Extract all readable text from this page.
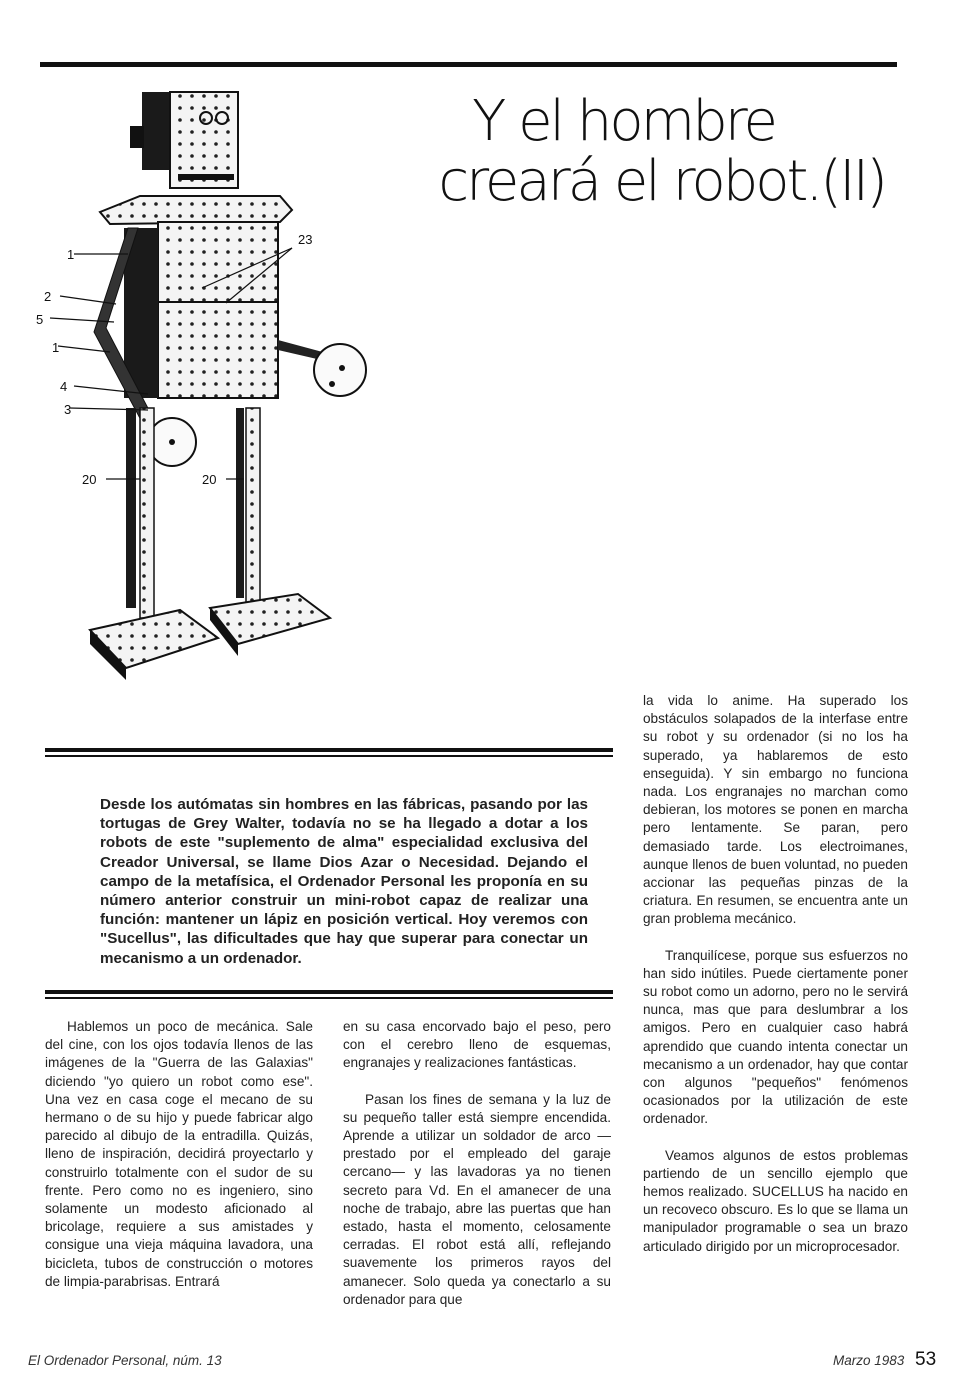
Y el hombre
creará el robot.(II)
1
2
5
1
4
3
20	20
23
Desde los autómatas sin hombres en las fábricas, pasando por las tortugas de Grey Walter, todavía no se ha llegado a dotar a los robots de este "suplemento de alma" especialidad exclusiva del Creador Universal, se llame Dios Azar o Necesidad. Dejando el campo de la metafísica, el Ordenador Personal les proponía en su número anterior construir un mini-robot capaz de realizar una función: mantener un lápiz en posición vertical. Hoy veremos con "Sucellus", las dificultades que hay que superar para conectar un mecanismo a un ordenador.

Hablemos un poco de mecánica. Sale del cine, con los ojos todavía llenos de las imágenes de la "Guerra de las Galaxias" diciendo "yo quiero un robot como ese". Una vez en casa coge el mecano de su hermano o de su hijo y puede fabricar algo parecido al dibujo de la entradilla. Quizás, lleno de inspiración, decidirá proyectarlo y construirlo totalmente con el sudor de su frente. Pero como no es ingeniero, sino solamente un modesto aficionado al bricolage, requiere a sus amistades y consigue una vieja máquina lavadora, una bicicleta, tubos de construcción o motores de limpia-parabrisas. Entrará

en su casa encorvado bajo el peso, pero con el cerebro lleno de esquemas, engranajes y realizaciones fantásticas.

Pasan los fines de semana y la luz de su pequeño taller está siempre encendida. Aprende a utilizar un soldador de arco —prestado por el empleado del garaje cercano— y las lavadoras ya no tienen secreto para Vd. En el amanecer de una noche de trabajo, abre las puertas que han estado, hasta el momento, celosamente cerradas. El robot está allí, reflejando suavemente los primeros rayos del amanecer. Solo queda ya conectarlo a su ordenador para que

la vida lo anime. Ha superado los obstáculos solapados de la interfase entre su robot y su ordenador (si no los ha superado, ya hablaremos de esto enseguida). Y sin embargo no funciona nada. Los engranajes no marchan como debieran, los motores se ponen en marcha pero lentamente. Se paran, pero demasiado tarde. Los electroimanes, aunque llenos de buen voluntad, no pueden accionar las pequeñas pinzas de la criatura. En resumen, se encuentra ante un gran problema mecánico.

Tranquilícese, porque sus esfuerzos no han sido inútiles. Puede ciertamente poner su robot como un adorno, pero no le servirá nunca, mas que para deslumbrar a los amigos. Pero en cualquier caso habrá aprendido que cuando intenta conectar un mecanismo a un ordenador, hay que contar con algunos "pequeños" fenómenos ocasionados por la utilización de este ordenador.

Veamos algunos de estos problemas partiendo de un sencillo ejemplo que hemos realizado. SUCELLUS ha nacido en un recoveco obscuro. Es lo que se llama un manipulador programable o sea un brazo articulado dirigido por un microprocesador.

El Ordenador Personal, núm. 13	Marzo 1983 53
